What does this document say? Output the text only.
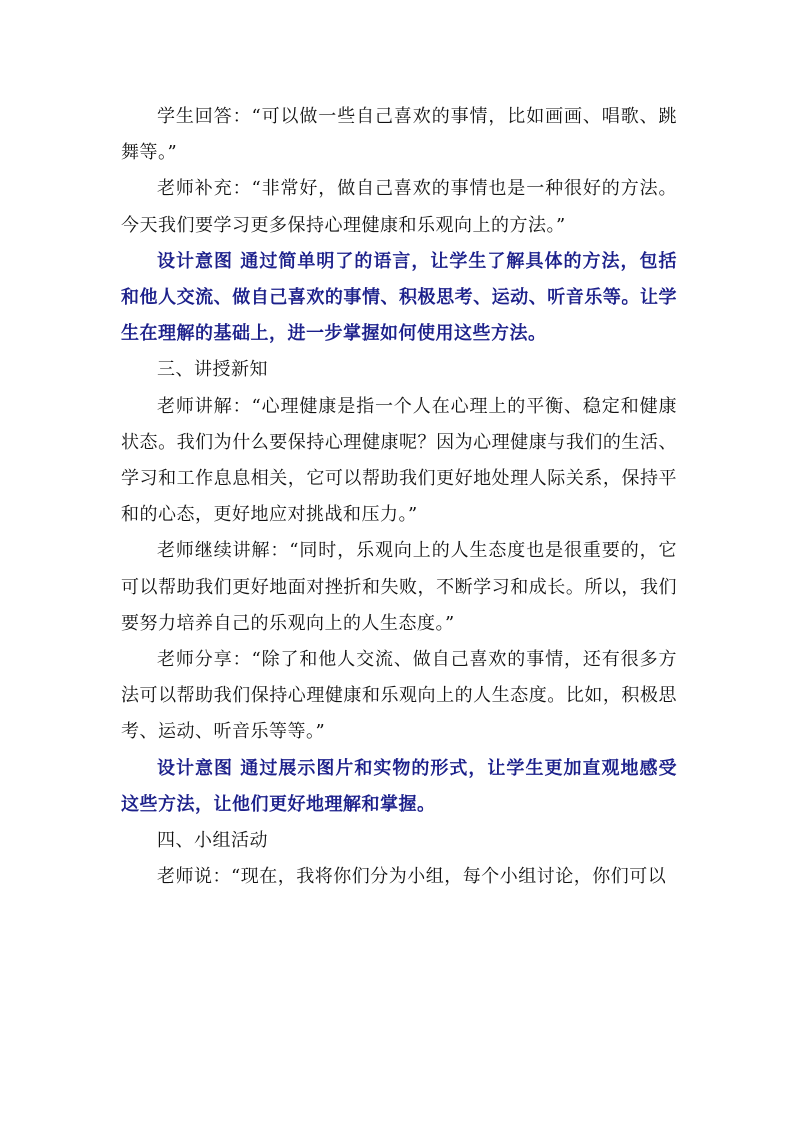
学生回答：“可以做一些自己喜欢的事情，比如画画、唱歌、跳舞等。”

老师补充：“非常好，做自己喜欢的事情也是一种很好的方法。今天我们要学习更多保持心理健康和乐观向上的方法。”

设计意图 通过简单明了的语言，让学生了解具体的方法，包括和他人交流、做自己喜欢的事情、积极思考、运动、听音乐等。让学生在理解的基础上，进一步掌握如何使用这些方法。

三、讲授新知

老师讲解：“心理健康是指一个人在心理上的平衡、稳定和健康状态。我们为什么要保持心理健康呢？因为心理健康与我们的生活、学习和工作息息相关，它可以帮助我们更好地处理人际关系，保持平和的心态，更好地应对挑战和压力。”

老师继续讲解：“同时，乐观向上的人生态度也是很重要的，它可以帮助我们更好地面对挫折和失败，不断学习和成长。所以，我们要努力培养自己的乐观向上的人生态度。”

老师分享：“除了和他人交流、做自己喜欢的事情，还有很多方法可以帮助我们保持心理健康和乐观向上的人生态度。比如，积极思考、运动、听音乐等等。”

设计意图 通过展示图片和实物的形式，让学生更加直观地感受这些方法，让他们更好地理解和掌握。

四、小组活动

老师说：“现在，我将你们分为小组，每个小组讨论，你们可以
